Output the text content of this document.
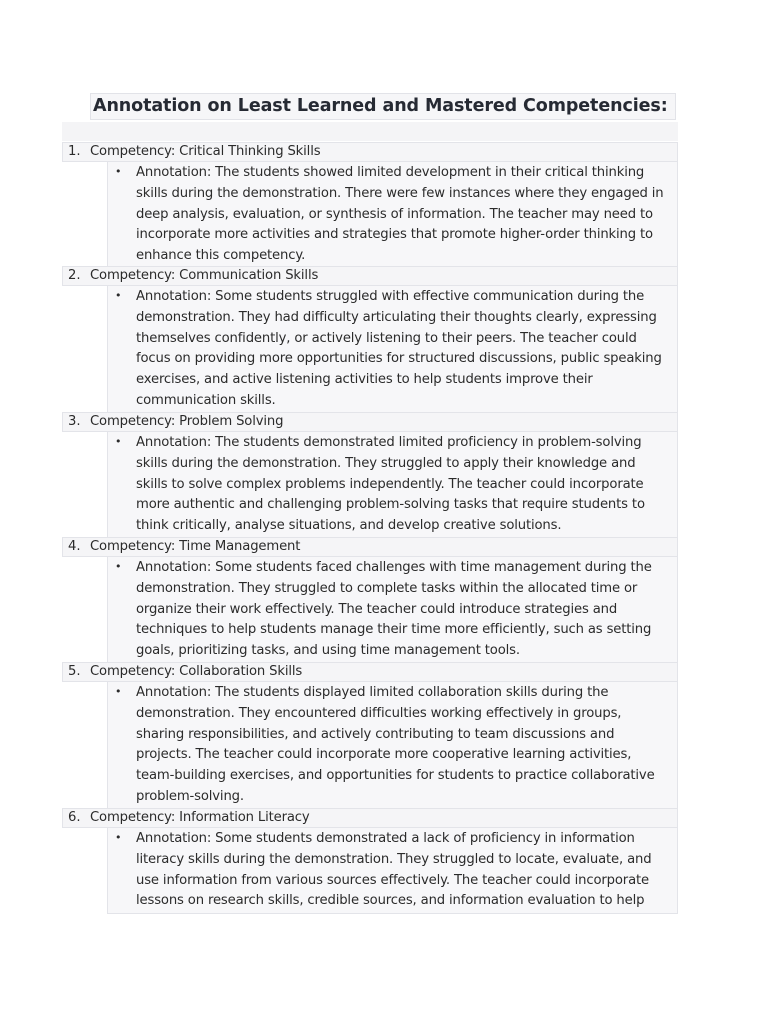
Annotation on Least Learned and Mastered Competencies:
1. Competency: Critical Thinking Skills
• Annotation: The students showed limited development in their critical thinking
skills during the demonstration. There were few instances where they engaged in
deep analysis, evaluation, or synthesis of information. The teacher may need to
incorporate more activities and strategies that promote higher-order thinking to
enhance this competency.
2. Competency: Communication Skills
• Annotation: Some students struggled with effective communication during the
demonstration. They had difficulty articulating their thoughts clearly, expressing
themselves confidently, or actively listening to their peers. The teacher could
focus on providing more opportunities for structured discussions, public speaking
exercises, and active listening activities to help students improve their
communication skills.
3. Competency: Problem Solving
• Annotation: The students demonstrated limited proficiency in problem-solving
skills during the demonstration. They struggled to apply their knowledge and
skills to solve complex problems independently. The teacher could incorporate
more authentic and challenging problem-solving tasks that require students to
think critically, analyse situations, and develop creative solutions.
4. Competency: Time Management
• Annotation: Some students faced challenges with time management during the
demonstration. They struggled to complete tasks within the allocated time or
organize their work effectively. The teacher could introduce strategies and
techniques to help students manage their time more efficiently, such as setting
goals, prioritizing tasks, and using time management tools.
5. Competency: Collaboration Skills
• Annotation: The students displayed limited collaboration skills during the
demonstration. They encountered difficulties working effectively in groups,
sharing responsibilities, and actively contributing to team discussions and
projects. The teacher could incorporate more cooperative learning activities,
team-building exercises, and opportunities for students to practice collaborative
problem-solving.
6. Competency: Information Literacy
• Annotation: Some students demonstrated a lack of proficiency in information
literacy skills during the demonstration. They struggled to locate, evaluate, and
use information from various sources effectively. The teacher could incorporate
lessons on research skills, credible sources, and information evaluation to help
